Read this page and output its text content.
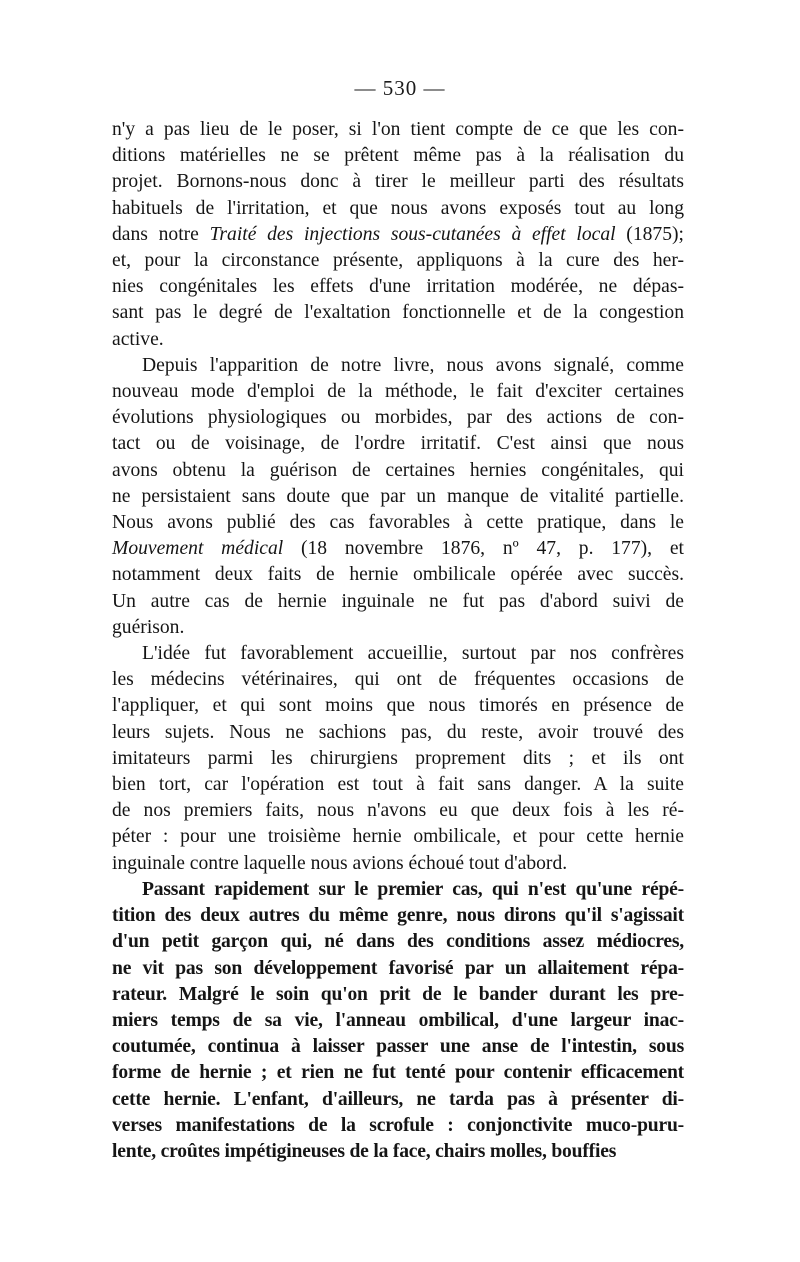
— 530 —
n'y a pas lieu de le poser, si l'on tient compte de ce que les con-
ditions matérielles ne se prêtent même pas à la réalisation du
projet. Bornons-nous donc à tirer le meilleur parti des résultats
habituels de l'irritation, et que nous avons exposés tout au long
dans notre Traité des injections sous-cutanées à effet local (1875);
et, pour la circonstance présente, appliquons à la cure des her-
nies congénitales les effets d'une irritation modérée, ne dépas-
sant pas le degré de l'exaltation fonctionnelle et de la congestion
active.
Depuis l'apparition de notre livre, nous avons signalé, comme
nouveau mode d'emploi de la méthode, le fait d'exciter certaines
évolutions physiologiques ou morbides, par des actions de con-
tact ou de voisinage, de l'ordre irritatif. C'est ainsi que nous
avons obtenu la guérison de certaines hernies congénitales, qui
ne persistaient sans doute que par un manque de vitalité partielle.
Nous avons publié des cas favorables à cette pratique, dans le
Mouvement médical (18 novembre 1876, nº 47, p. 177), et
notamment deux faits de hernie ombilicale opérée avec succès.
Un autre cas de hernie inguinale ne fut pas d'abord suivi de
guérison.
L'idée fut favorablement accueillie, surtout par nos confrères
les médecins vétérinaires, qui ont de fréquentes occasions de
l'appliquer, et qui sont moins que nous timorés en présence de
leurs sujets. Nous ne sachions pas, du reste, avoir trouvé des
imitateurs parmi les chirurgiens proprement dits ; et ils ont
bien tort, car l'opération est tout à fait sans danger. A la suite
de nos premiers faits, nous n'avons eu que deux fois à les ré-
péter : pour une troisième hernie ombilicale, et pour cette hernie
inguinale contre laquelle nous avions échoué tout d'abord.
Passant rapidement sur le premier cas, qui n'est qu'une répé-
tition des deux autres du même genre, nous dirons qu'il s'agissait
d'un petit garçon qui, né dans des conditions assez médiocres,
ne vit pas son développement favorisé par un allaitement répa-
rateur. Malgré le soin qu'on prit de le bander durant les pre-
miers temps de sa vie, l'anneau ombilical, d'une largeur inac-
coutumée, continua à laisser passer une anse de l'intestin, sous
forme de hernie ; et rien ne fut tenté pour contenir efficacement
cette hernie. L'enfant, d'ailleurs, ne tarda pas à présenter di-
verses manifestations de la scrofule : conjonctivite muco-puru-
lente, croûtes impétigineuses de la face, chairs molles, bouffies
